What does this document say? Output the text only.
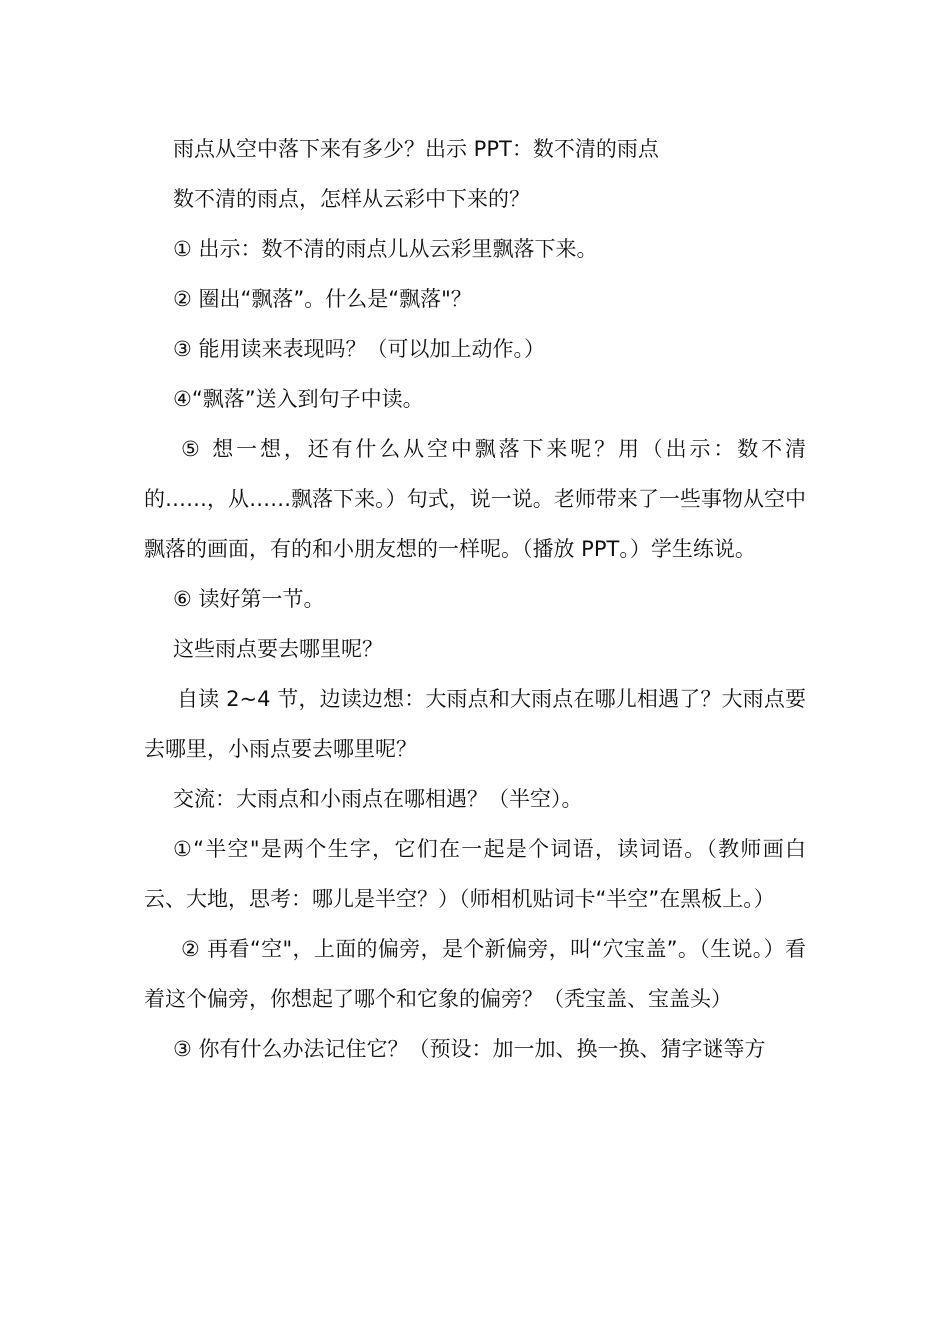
雨点从空中落下来有多少？出示 PPT：数不清的雨点

数不清的雨点，怎样从云彩中下来的？

① 出示：数不清的雨点儿从云彩里飘落下来。

② 圈出“飘落”。什么是“飘落"？

③ 能用读来表现吗？（可以加上动作。）

④“飘落”送入到句子中读。

⑤ 想一想，还有什么从空中飘落下来呢？用（出示：数不清的……，从……飘落下来。）句式，说一说。老师带来了一些事物从空中飘落的画面，有的和小朋友想的一样呢。（播放 PPT。）学生练说。

⑥ 读好第一节。

这些雨点要去哪里呢？

自读 2~4 节，边读边想：大雨点和大雨点在哪儿相遇了？大雨点要去哪里，小雨点要去哪里呢？

交流：大雨点和小雨点在哪相遇？（半空）。

①“半空"是两个生字，它们在一起是个词语，读词语。（教师画白云、大地，思考：哪儿是半空？）（师相机贴词卡“半空”在黑板上。）

② 再看“空"，上面的偏旁，是个新偏旁，叫“穴宝盖”。（生说。）看着这个偏旁，你想起了哪个和它象的偏旁？（秃宝盖、宝盖头）

③ 你有什么办法记住它？（预设：加一加、换一换、猜字谜等方
